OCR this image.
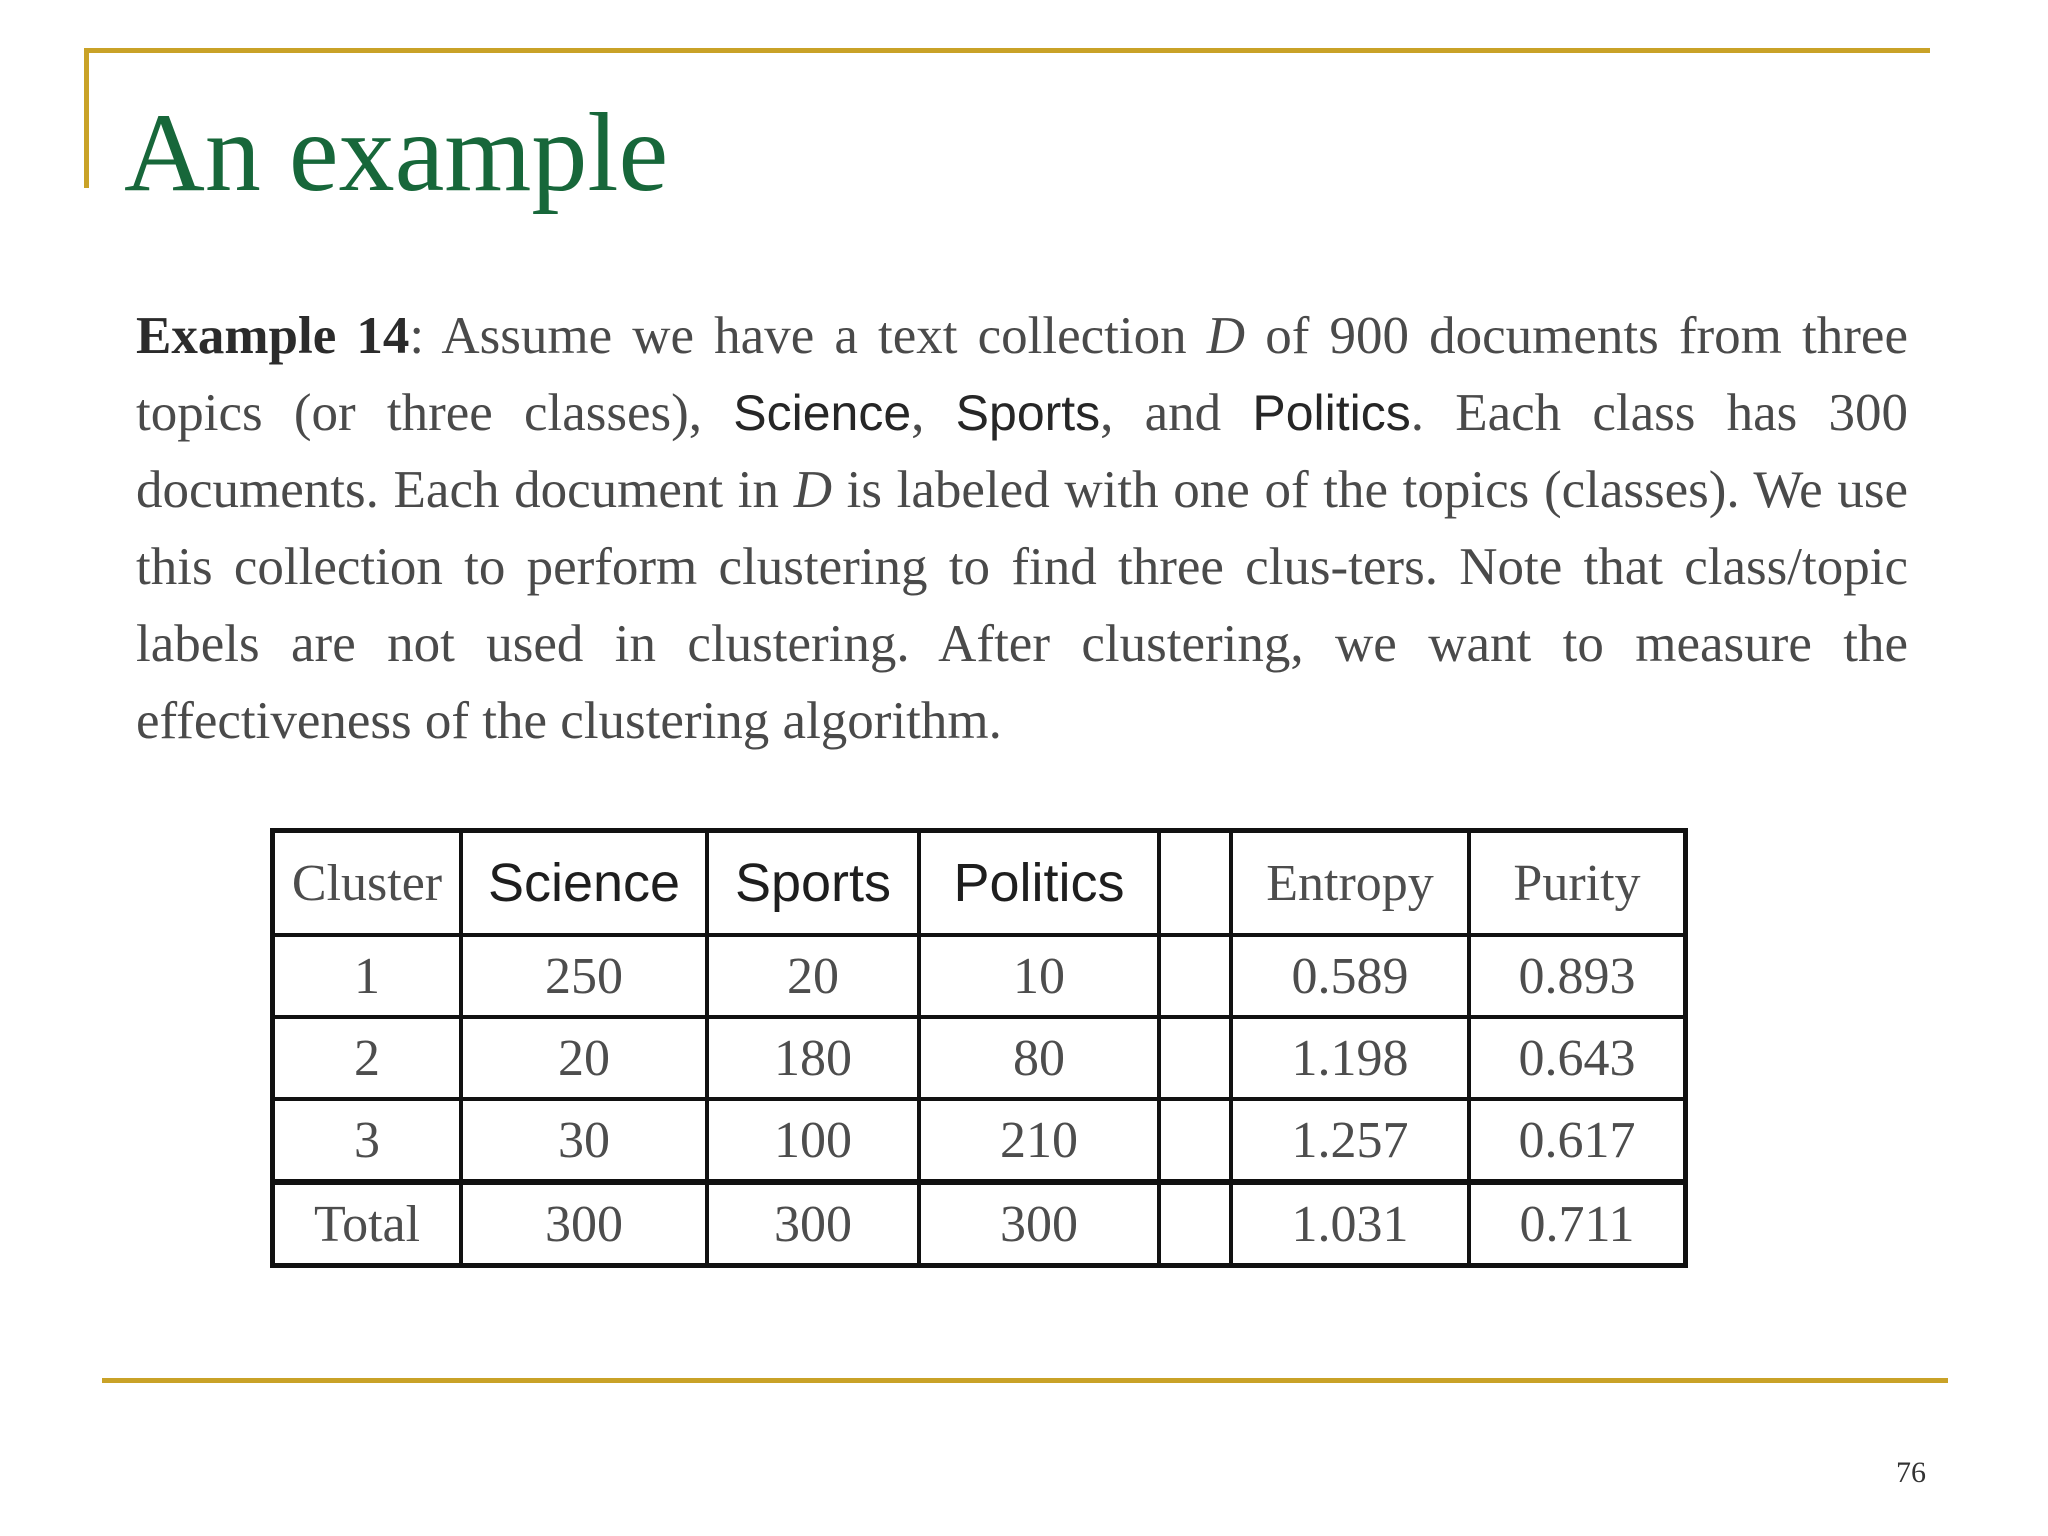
An example

Example 14: Assume we have a text collection D of 900 documents from three topics (or three classes), Science, Sports, and Politics. Each class has 300 documents. Each document in D is labeled with one of the topics (classes). We use this collection to perform clustering to find three clus-ters. Note that class/topic labels are not used in clustering. After clustering, we want to measure the effectiveness of the clustering algorithm.

Cluster	Science	Sports	Politics		Entropy	Purity
1	250	20	10		0.589	0.893
2	20	180	80		1.198	0.643
3	30	100	210		1.257	0.617
Total	300	300	300		1.031	0.711

76
